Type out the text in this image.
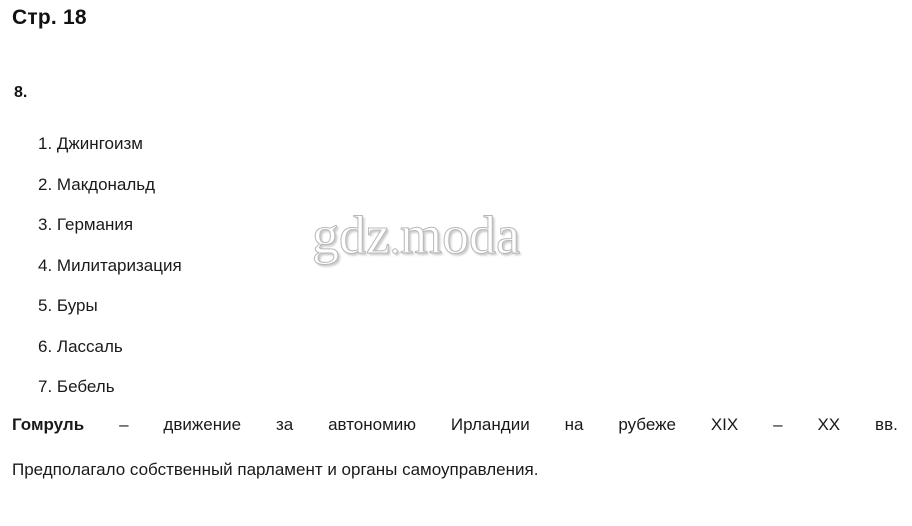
Стр. 18
8.
1. Джингоизм
2. Макдональд
3. Германия
4. Милитаризация
5. Буры
6. Лассаль
7. Бебель
Гомруль – движение за автономию Ирландии на рубеже XIX – XX вв.
Предполагало собственный парламент и органы самоуправления.
gdz.moda
